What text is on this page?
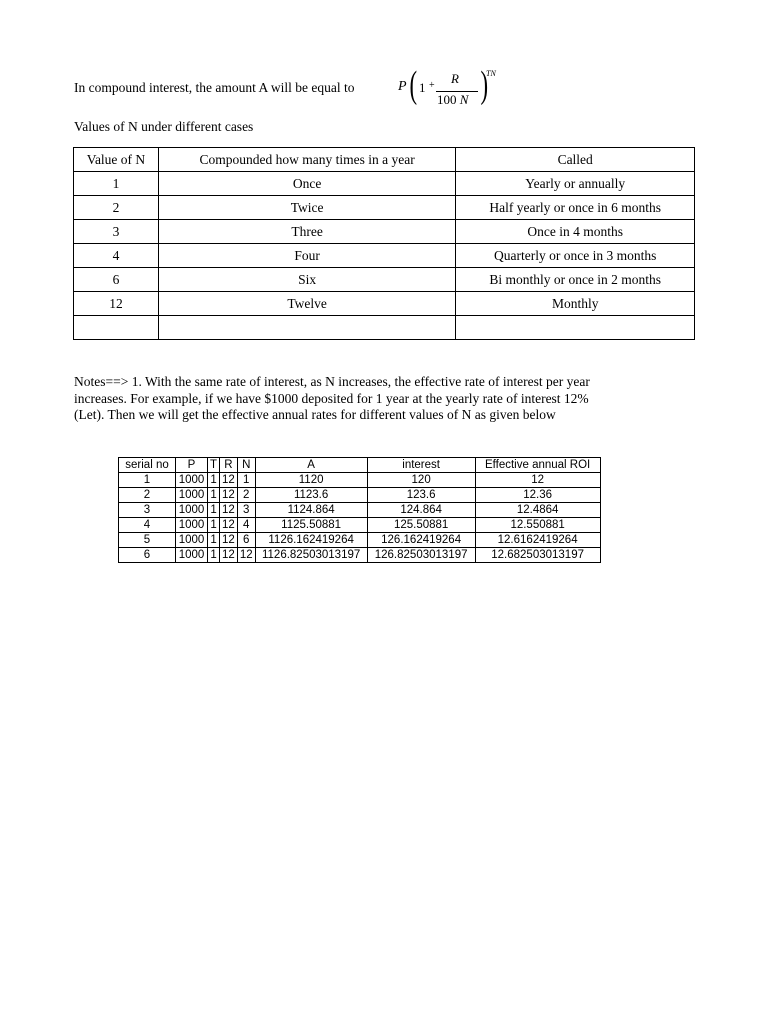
In compound interest, the amount A will be equal to	P ( 1 + R
100 N )
TN
Values of N under different cases
Value of N	Compounded how many times in a year	Called
1	Once	Yearly or annually
2	Twice	Half yearly or once in 6 months
3	Three	Once in 4 months
4	Four	Quarterly or once in 3 months
6	Six	Bi monthly or once in 2 months
12	Twelve	Monthly

Notes==> 1. With the same rate of interest, as N increases, the effective rate of interest per year
increases. For example, if we have $1000 deposited for 1 year at the yearly rate of interest 12%
(Let). Then we will get the effective annual rates for different values of N as given below
serial no	P	T	R	N	A	interest	Effective annual ROI
1	1000	1	12	1	1120	120	12
2	1000	1	12	2	1123.6	123.6	12.36
3	1000	1	12	3	1124.864	124.864	12.4864
4	1000	1	12	4	1125.50881	125.50881	12.550881
5	1000	1	12	6	1126.162419264	126.162419264	12.6162419264
6	1000	1	12	12	1126.82503013197	126.82503013197	12.682503013197
